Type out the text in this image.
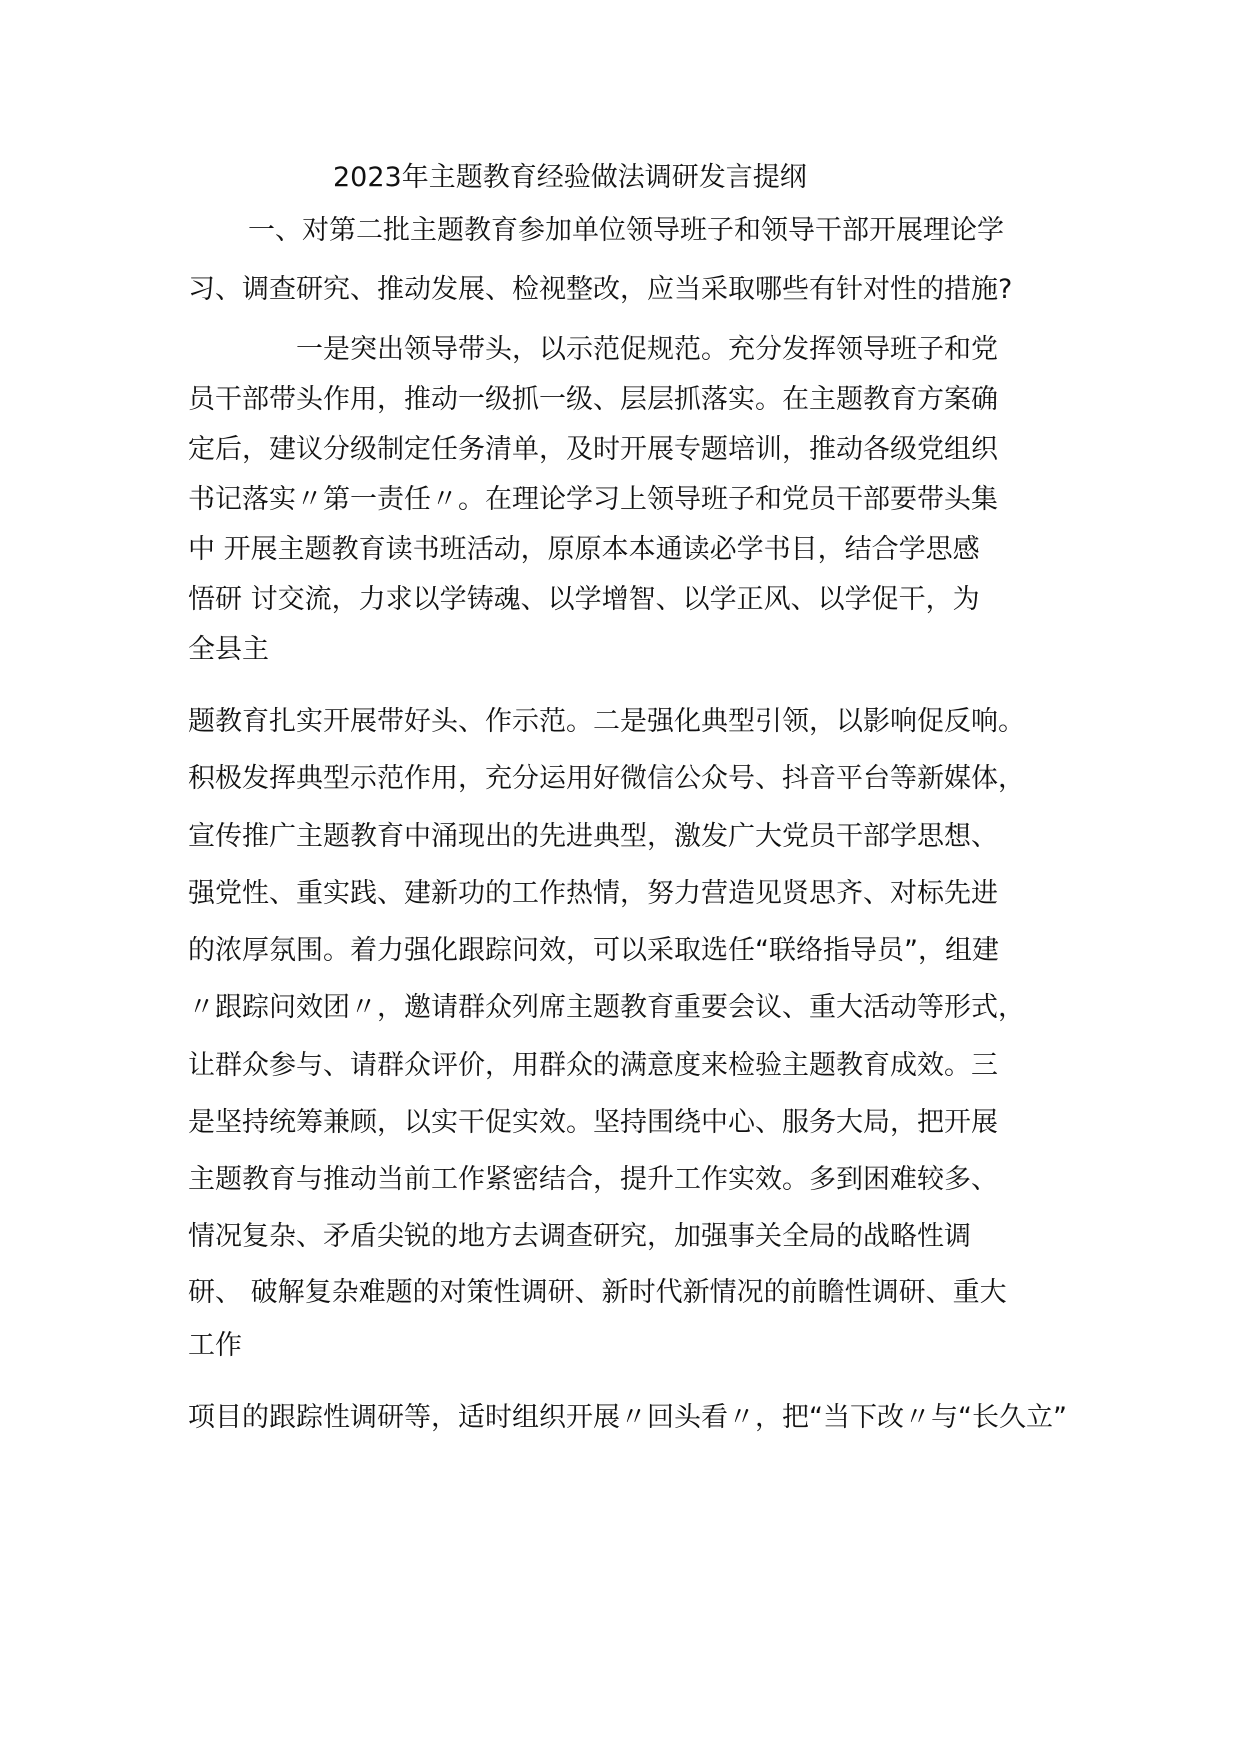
2023年主题教育经验做法调研发言提纲
一、对第二批主题教育参加单位领导班子和领导干部开展理论学
习、调查研究、推动发展、检视整改，应当采取哪些有针对性的措施?
一是突出领导带头，以示范促规范。充分发挥领导班子和党
员干部带头作用，推动一级抓一级、层层抓落实。在主题教育方案确
定后，建议分级制定任务清单，及时开展专题培训，推动各级党组织
书记落实〃第一责任〃。在理论学习上领导班子和党员干部要带头集
中 开展主题教育读书班活动，原原本本通读必学书目，结合学思感
悟研 讨交流，力求以学铸魂、以学增智、以学正风、以学促干，为
全县主
题教育扎实开展带好头、作示范。二是强化典型引领，以影响促反响。
积极发挥典型示范作用，充分运用好微信公众号、抖音平台等新媒体，
宣传推广主题教育中涌现出的先进典型，激发广大党员干部学思想、
强党性、重实践、建新功的工作热情，努力营造见贤思齐、对标先进
的浓厚氛围。着力强化跟踪问效，可以采取选任“联络指导员”，组建
〃跟踪问效团〃，邀请群众列席主题教育重要会议、重大活动等形式，
让群众参与、请群众评价，用群众的满意度来检验主题教育成效。三
是坚持统筹兼顾，以实干促实效。坚持围绕中心、服务大局，把开展
主题教育与推动当前工作紧密结合，提升工作实效。多到困难较多、
情况复杂、矛盾尖锐的地方去调查研究，加强事关全局的战略性调
研、 破解复杂难题的对策性调研、新时代新情况的前瞻性调研、重大
工作
项目的跟踪性调研等，适时组织开展〃回头看〃，把“当下改〃与“长久立”
